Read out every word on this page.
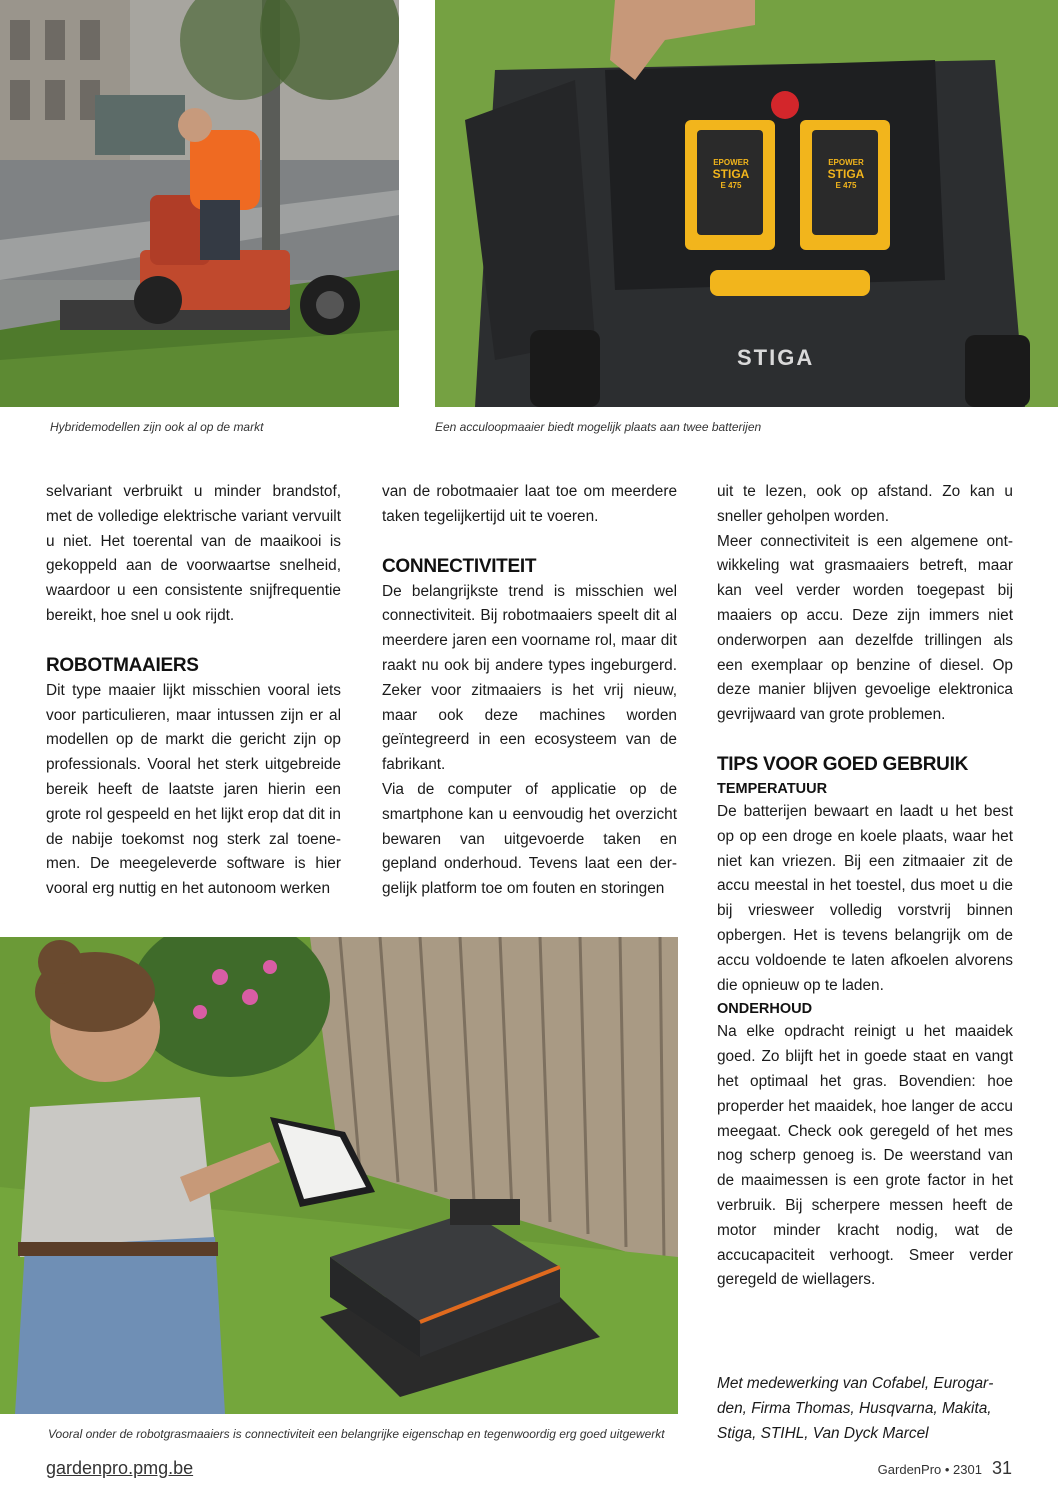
Hybridemodellen zijn ook al op de markt
STIGA
EPOWER
STIGA
E 475
EPOWER
STIGA
E 475
Een acculoopmaaier biedt mogelijk plaats aan twee batterijen

selvariant verbruikt u minder brandstof, met de volledige elektrische variant vervuilt u niet. Het toerental van de maaikooi is gekoppeld aan de voorwaartse snelheid, waardoor u een consistente snijfrequentie bereikt, hoe snel u ook rijdt.

ROBOTMAAIERS

Dit type maaier lijkt misschien vooral iets voor particulieren, maar intussen zijn er al modellen op de markt die gericht zijn op professionals. Vooral het sterk uitgebreide bereik heeft de laatste jaren hierin een grote rol gespeeld en het lijkt erop dat dit in de nabije toekomst nog sterk zal toenemen. De meegeleverde software is hier vooral erg nuttig en het autonoom werken

van de robotmaaier laat toe om meerdere taken tegelijkertijd uit te voeren.

CONNECTIVITEIT

De belangrijkste trend is misschien wel connectiviteit. Bij robotmaaiers speelt dit al meerdere jaren een voorname rol, maar dit raakt nu ook bij andere types ingeburgerd. Zeker voor zitmaaiers is het vrij nieuw, maar ook deze machines worden geïntegreerd in een ecosysteem van de fabrikant.

Via de computer of applicatie op de smartphone kan u eenvoudig het overzicht bewaren van uitgevoerde taken en gepland onderhoud. Tevens laat een dergelijk platform toe om fouten en storingen

uit te lezen, ook op afstand. Zo kan u sneller geholpen worden.

Meer connectiviteit is een algemene ontwikkeling wat grasmaaiers betreft, maar kan veel verder worden toegepast bij maaiers op accu. Deze zijn immers niet onderworpen aan dezelfde trillingen als een exemplaar op benzine of diesel. Op deze manier blijven gevoelige elektronica gevrijwaard van grote problemen.

TIPS VOOR GOED GEBRUIK
TEMPERATUUR

De batterijen bewaart en laadt u het best op op een droge en koele plaats, waar het niet kan vriezen. Bij een zitmaaier zit de accu meestal in het toestel, dus moet u die bij vriesweer volledig vorstvrij binnen opbergen. Het is tevens belangrijk om de accu voldoende te laten afkoelen alvorens die opnieuw op te laden.

ONDERHOUD

Na elke opdracht reinigt u het maaidek goed. Zo blijft het in goede staat en vangt het optimaal het gras. Bovendien: hoe properder het maaidek, hoe langer de accu meegaat. Check ook geregeld of het mes nog scherp genoeg is. De weerstand van de maaimessen is een grote factor in het verbruik. Bij scherpere messen heeft de motor minder kracht nodig, wat de accucapaciteit verhoogt. Smeer verder geregeld de wiellagers.

Vooral onder de robotgrasmaaiers is connectiviteit een belangrijke eigenschap en tegenwoordig erg goed uitgewerkt
Met medewerking van Cofabel, Eurogarden, Firma Thomas, Husqvarna, Makita, Stiga, STIHL, Van Dyck Marcel
gardenpro.pmg.be	GardenPro • 2301 31
